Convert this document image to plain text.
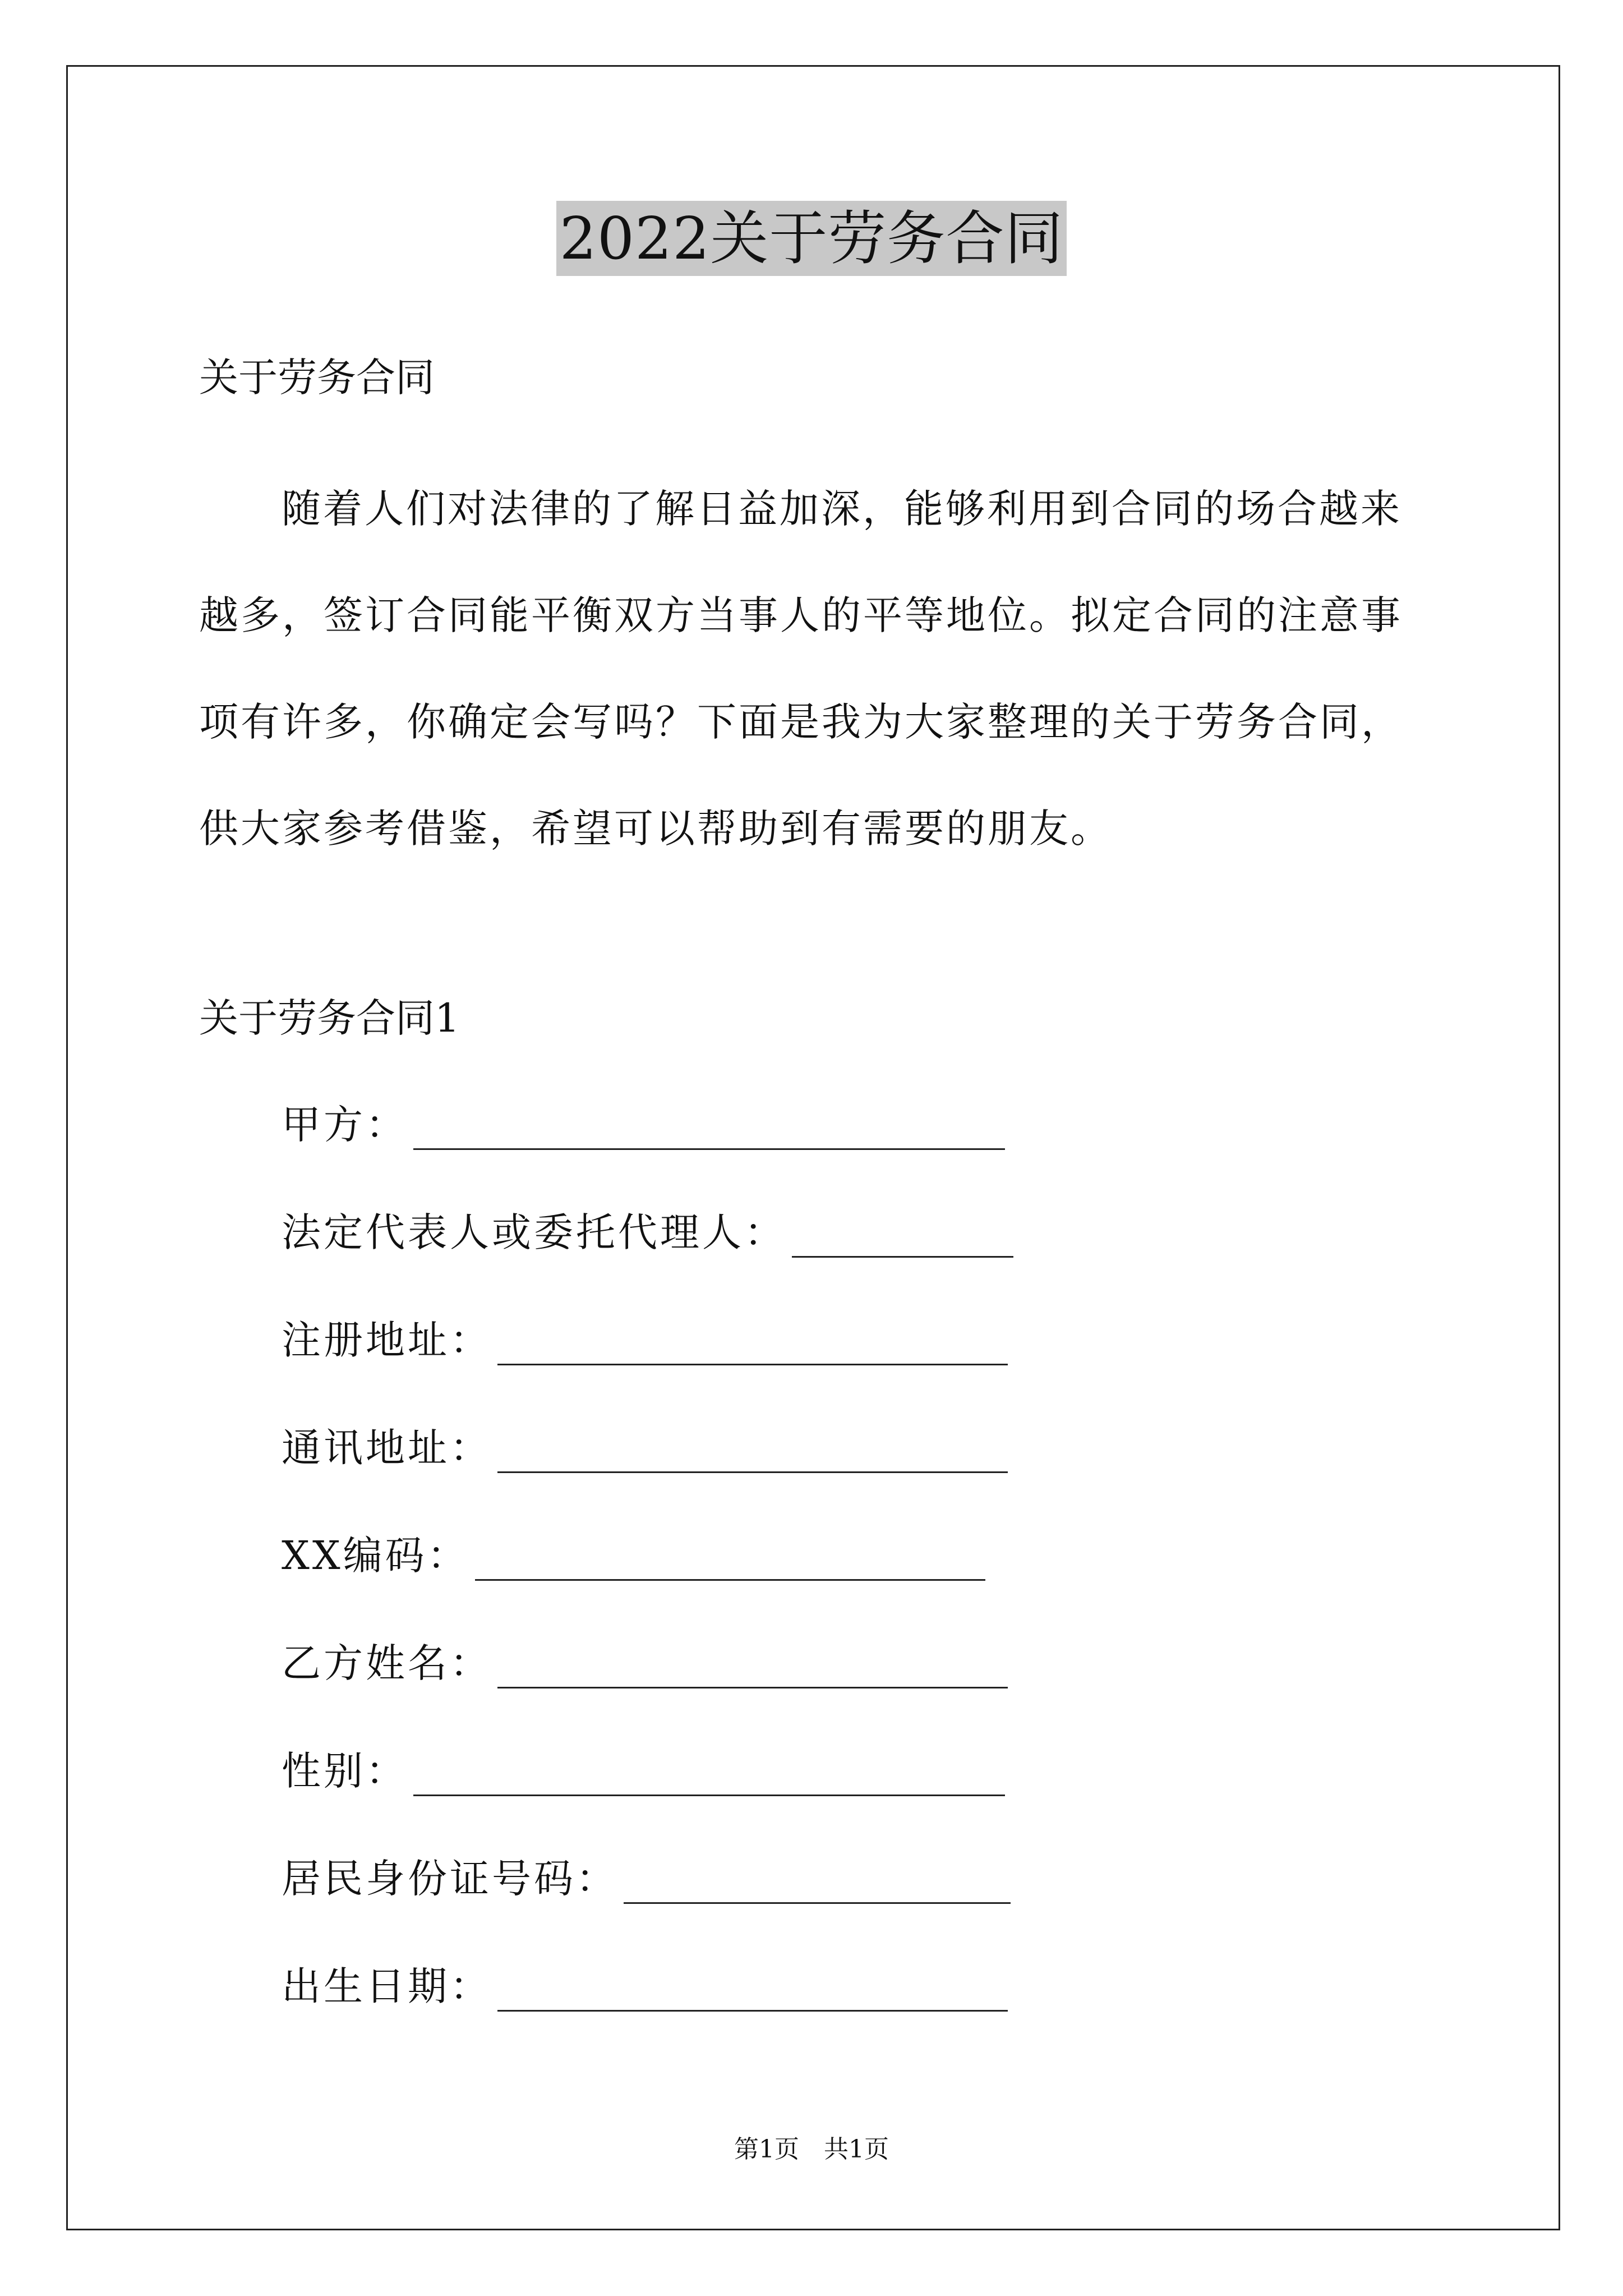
2022关于劳务合同
关于劳务合同
随着人们对法律的了解日益加深，能够利用到合同的场合越来越多，签订合同能平衡双方当事人的平等地位。拟定合同的注意事项有许多，你确定会写吗？下面是我为大家整理的关于劳务合同，供大家参考借鉴，希望可以帮助到有需要的朋友。
关于劳务合同1
甲方：
法定代表人或委托代理人：
注册地址：
通讯地址：
XX编码：
乙方姓名：
性别：
居民身份证号码：
出生日期：
第1页　共1页
